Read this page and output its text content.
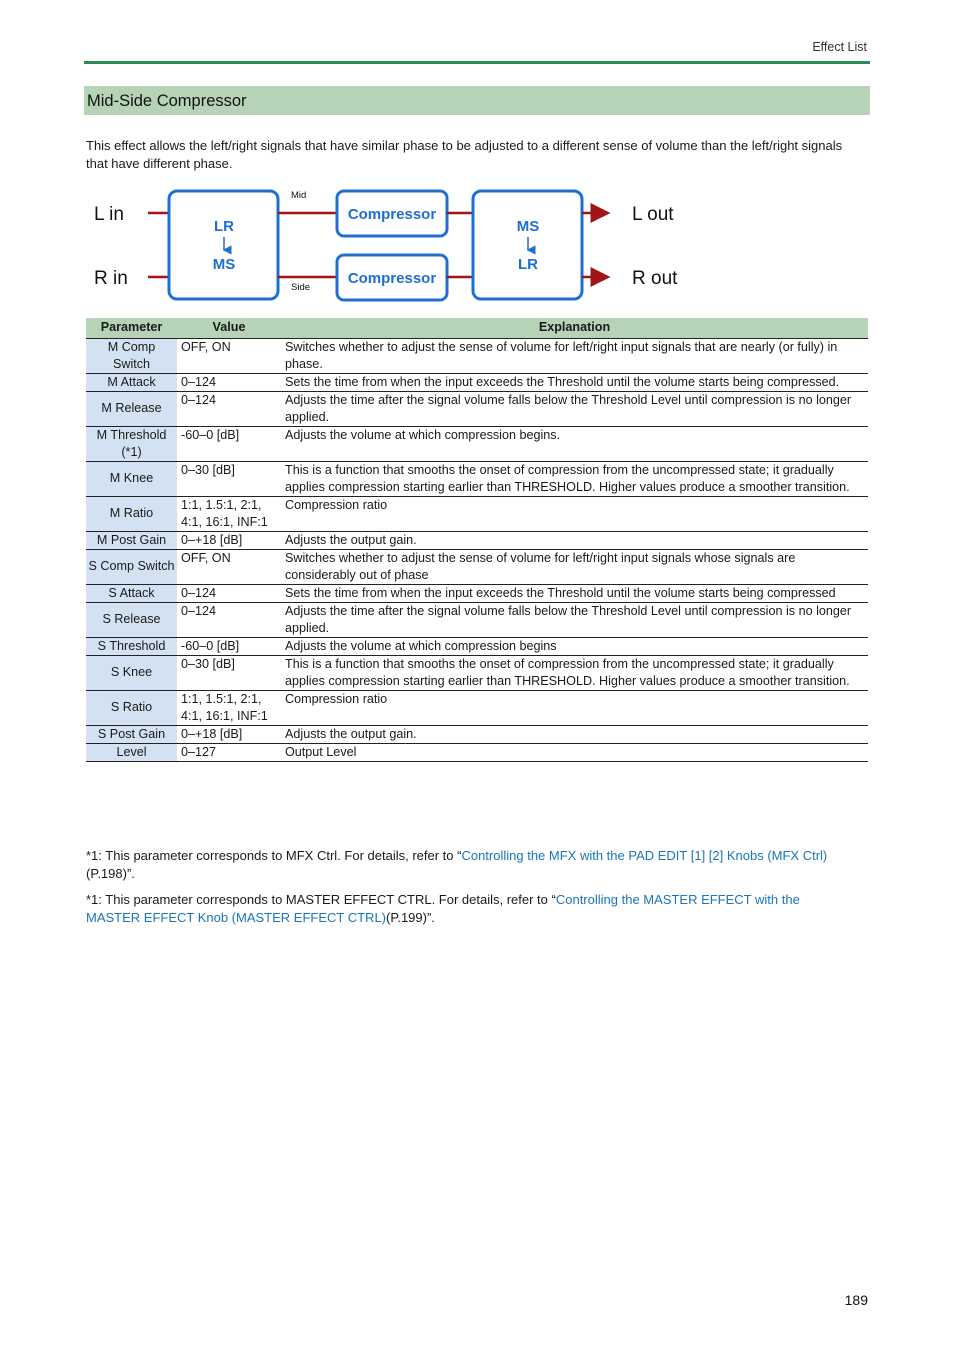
Effect List
Mid-Side Compressor

This effect allows the left/right signals that have similar phase to be adjusted to a different sense of volume than the left/right signals that have different phase.

L in
R in
LR
MS
Mid
Side
Compressor
Compressor
MS
LR
L out
R out
Parameter	Value	Explanation
M Comp Switch	OFF, ON	Switches whether to adjust the sense of volume for left/right input signals that are nearly (or fully) in phase.
M Attack	0–124	Sets the time from when the input exceeds the Threshold until the volume starts being compressed.
M Release	0–124	Adjusts the time after the signal volume falls below the Threshold Level until compression is no longer applied.
M Threshold (*1)	-60–0 [dB]	Adjusts the volume at which compression begins.
M Knee	0–30 [dB]	This is a function that smooths the onset of compression from the uncompressed state; it gradually applies compression starting earlier than THRESHOLD. Higher values produce a smoother transition.
M Ratio	1:1, 1.5:1, 2:1, 4:1, 16:1, INF:1	Compression ratio
M Post Gain	0–+18 [dB]	Adjusts the output gain.
S Comp Switch	OFF, ON	Switches whether to adjust the sense of volume for left/right input signals whose signals are considerably out of phase
S Attack	0–124	Sets the time from when the input exceeds the Threshold until the volume starts being compressed
S Release	0–124	Adjusts the time after the signal volume falls below the Threshold Level until compression is no longer applied.
S Threshold	-60–0 [dB]	Adjusts the volume at which compression begins
S Knee	0–30 [dB]	This is a function that smooths the onset of compression from the uncompressed state; it gradually applies compression starting earlier than THRESHOLD. Higher values produce a smoother transition.
S Ratio	1:1, 1.5:1, 2:1, 4:1, 16:1, INF:1	Compression ratio
S Post Gain	0–+18 [dB]	Adjusts the output gain.
Level	0–127	Output Level

*1: This parameter corresponds to MFX Ctrl. For details, refer to “Controlling the MFX with the PAD EDIT [1] [2] Knobs (MFX Ctrl)(P.198)”.

*1: This parameter corresponds to MASTER EFFECT CTRL. For details, refer to “Controlling the MASTER EFFECT with the MASTER EFFECT Knob (MASTER EFFECT CTRL)(P.199)”.

189
